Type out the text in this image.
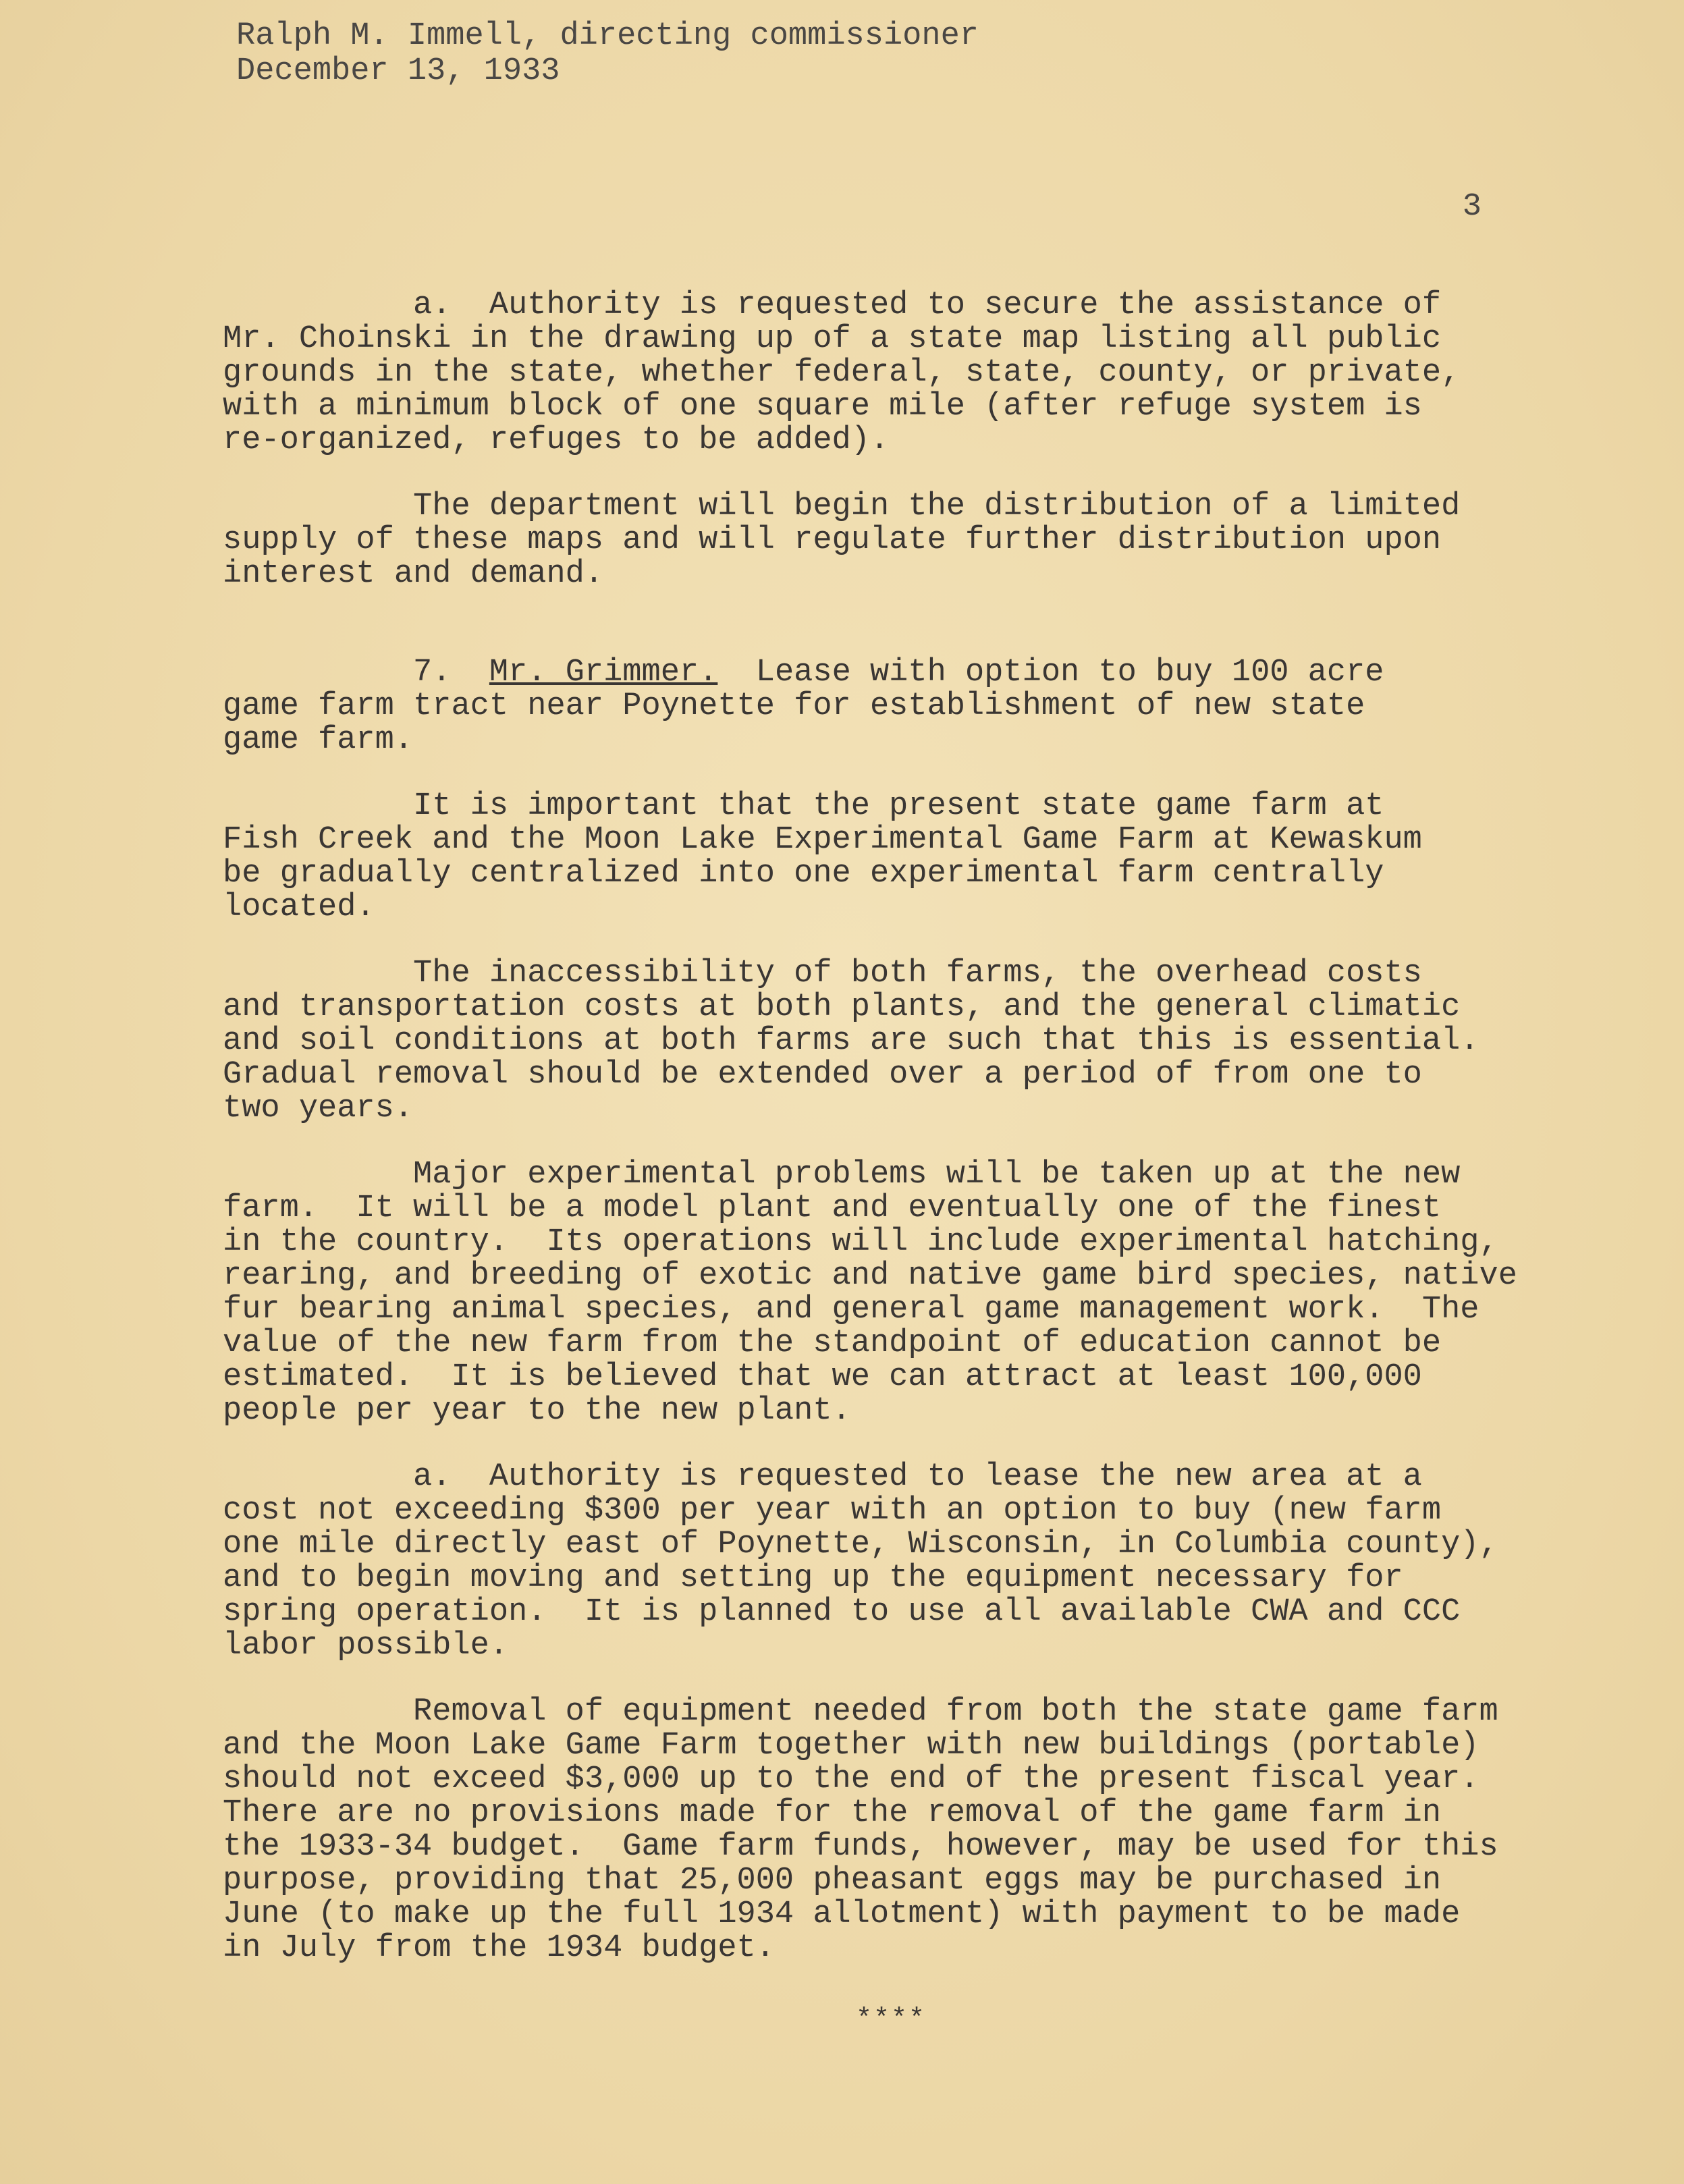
Ralph M. Immell, directing commissioner
December 13, 1933
3

a.  Authority is requested to secure the assistance of
Mr. Choinski in the drawing up of a state map listing all public
grounds in the state, whether federal, state, county, or private,
with a minimum block of one square mile (after refuge system is
re-organized, refuges to be added).

The department will begin the distribution of a limited
supply of these maps and will regulate further distribution upon
interest and demand.

7.  Mr. Grimmer.  Lease with option to buy 100 acre
game farm tract near Poynette for establishment of new state
game farm.

It is important that the present state game farm at
Fish Creek and the Moon Lake Experimental Game Farm at Kewaskum
be gradually centralized into one experimental farm centrally
located.

The inaccessibility of both farms, the overhead costs
and transportation costs at both plants, and the general climatic
and soil conditions at both farms are such that this is essential.
Gradual removal should be extended over a period of from one to
two years.

Major experimental problems will be taken up at the new
farm.  It will be a model plant and eventually one of the finest
in the country.  Its operations will include experimental hatching,
rearing, and breeding of exotic and native game bird species, native
fur bearing animal species, and general game management work.  The
value of the new farm from the standpoint of education cannot be
estimated.  It is believed that we can attract at least 100,000
people per year to the new plant.

a.  Authority is requested to lease the new area at a
cost not exceeding $300 per year with an option to buy (new farm
one mile directly east of Poynette, Wisconsin, in Columbia county),
and to begin moving and setting up the equipment necessary for
spring operation.  It is planned to use all available CWA and CCC
labor possible.

Removal of equipment needed from both the state game farm
and the Moon Lake Game Farm together with new buildings (portable)
should not exceed $3,000 up to the end of the present fiscal year.
There are no provisions made for the removal of the game farm in
the 1933-34 budget.  Game farm funds, however, may be used for this
purpose, providing that 25,000 pheasant eggs may be purchased in
June (to make up the full 1934 allotment) with payment to be made
in July from the 1934 budget.

****
